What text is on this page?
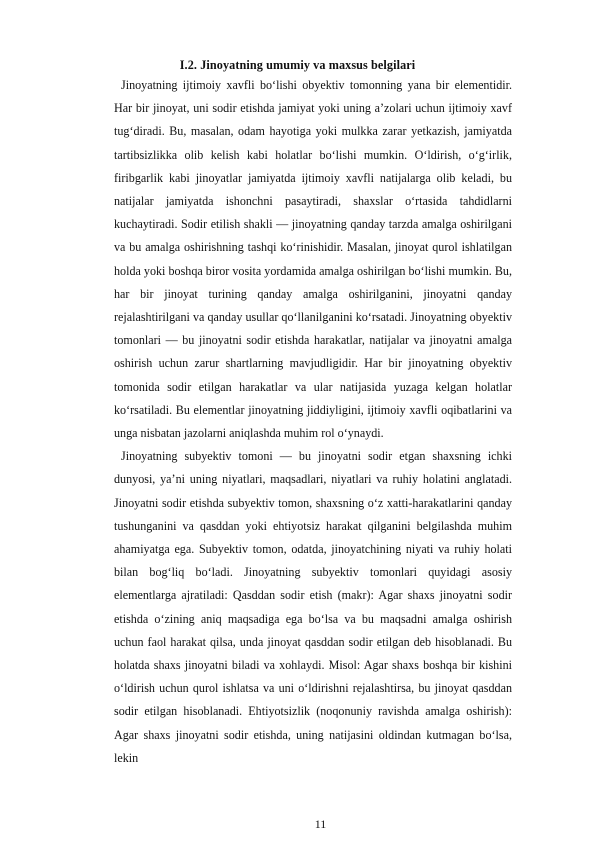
I.2. Jinoyatning umumiy va maxsus belgilari

Jinoyatning ijtimoiy xavfli bo‘lishi obyektiv tomonning yana bir elementidir. Har bir jinoyat, uni sodir etishda jamiyat yoki uning a’zolari uchun ijtimoiy xavf tug‘diradi. Bu, masalan, odam hayotiga yoki mulkka zarar yetkazish, jamiyatda tartibsizlikka olib kelish kabi holatlar bo‘lishi mumkin. O‘ldirish, o‘g‘irlik, firibgarlik kabi jinoyatlar jamiyatda ijtimoiy xavfli natijalarga olib keladi, bu natijalar jamiyatda ishonchni pasaytiradi, shaxslar o‘rtasida tahdidlarni kuchaytiradi. Sodir etilish shakli — jinoyatning qanday tarzda amalga oshirilgani va bu amalga oshirishning tashqi ko‘rinishidir. Masalan, jinoyat qurol ishlatilgan holda yoki boshqa biror vosita yordamida amalga oshirilgan bo‘lishi mumkin. Bu, har bir jinoyat turining qanday amalga oshirilganini, jinoyatni qanday rejalashtirilgani va qanday usullar qo‘llanilganini ko‘rsatadi. Jinoyatning obyektiv tomonlari — bu jinoyatni sodir etishda harakatlar, natijalar va jinoyatni amalga oshirish uchun zarur shartlarning mavjudligidir. Har bir jinoyatning obyektiv tomonida sodir etilgan harakatlar va ular natijasida yuzaga kelgan holatlar ko‘rsatiladi. Bu elementlar jinoyatning jiddiyligini, ijtimoiy xavfli oqibatlarini va unga nisbatan jazolarni aniqlashda muhim rol o‘ynaydi.

Jinoyatning subyektiv tomoni — bu jinoyatni sodir etgan shaxsning ichki dunyosi, ya’ni uning niyatlari, maqsadlari, niyatlari va ruhiy holatini anglatadi. Jinoyatni sodir etishda subyektiv tomon, shaxsning o‘z xatti-harakatlarini qanday tushunganini va qasddan yoki ehtiyotsiz harakat qilganini belgilashda muhim ahamiyatga ega. Subyektiv tomon, odatda, jinoyatchining niyati va ruhiy holati bilan bog‘liq bo‘ladi. Jinoyatning subyektiv tomonlari quyidagi asosiy elementlarga ajratiladi: Qasddan sodir etish (makr): Agar shaxs jinoyatni sodir etishda o‘zining aniq maqsadiga ega bo‘lsa va bu maqsadni amalga oshirish uchun faol harakat qilsa, unda jinoyat qasddan sodir etilgan deb hisoblanadi. Bu holatda shaxs jinoyatni biladi va xohlaydi. Misol: Agar shaxs boshqa bir kishini o‘ldirish uchun qurol ishlatsa va uni o‘ldirishni rejalashtirsa, bu jinoyat qasddan sodir etilgan hisoblanadi. Ehtiyotsizlik (noqonuniy ravishda amalga oshirish): Agar shaxs jinoyatni sodir etishda, uning natijasini oldindan kutmagan bo‘lsa, lekin

11
